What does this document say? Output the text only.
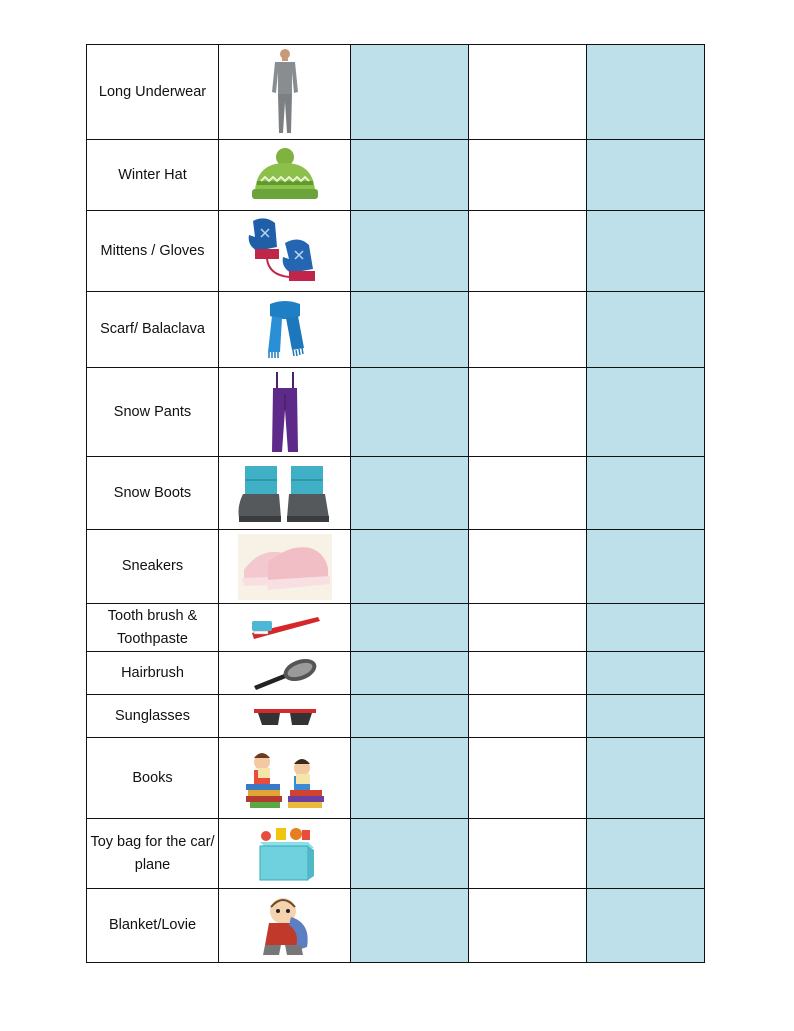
Long Underwear	

Winter Hat	

Mittens / Gloves	

Scarf/ Balaclava	

Snow Pants	

Snow Boots	

Sneakers	

Tooth brush & Toothpaste	

Hairbrush	

Sunglasses	

Books	

Toy bag for the car/ plane	

Blanket/Lovie	
